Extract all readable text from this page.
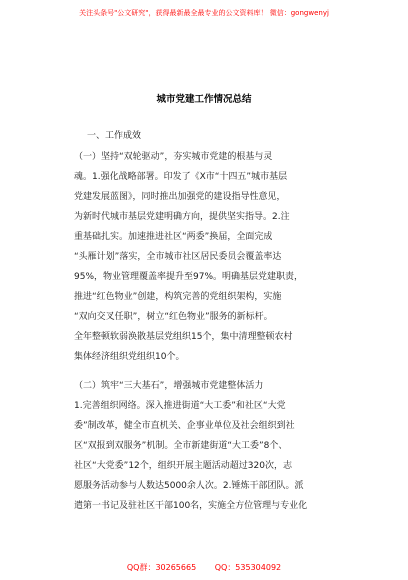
关注头条号"公文研究"，获得最新最全最专业的公文资料库！ 微信：gongwenyj
城市党建工作情况总结
一、工作成效
（一）坚持“双轮驱动”，夯实城市党建的根基与灵
魂。1.强化战略部署。印发了《X市“十四五”城市基层
党建发展蓝图》，同时推出加强党的建设指导性意见，
为新时代城市基层党建明确方向，提供坚实指导。2.注
重基础扎实。加速推进社区“两委”换届，全面完成
“头雁计划”落实，全市城市社区居民委员会覆盖率达
95%，物业管理覆盖率提升至97%。明确基层党建职责，
推进“红色物业”创建，构筑完善的党组织架构，实施
“双向交叉任职”，树立“红色物业”服务的新标杆。
全年整顿软弱涣散基层党组织15个，集中清理整顿农村
集体经济组织党组织10个。
（二）筑牢“三大基石”，增强城市党建整体活力
1.完善组织网络。深入推进街道“大工委”和社区“大党
委”制改革，健全市直机关、企事业单位及社会组织到社
区“双报到双服务”机制。全市新建街道“大工委”8个、
社区“大党委”12个，组织开展主题活动超过320次，志
愿服务活动参与人数达5000余人次。2.锤炼干部团队。派
遣第一书记及驻社区干部100名，实施全方位管理与专业化
QQ群：30265665 QQ：535304092
